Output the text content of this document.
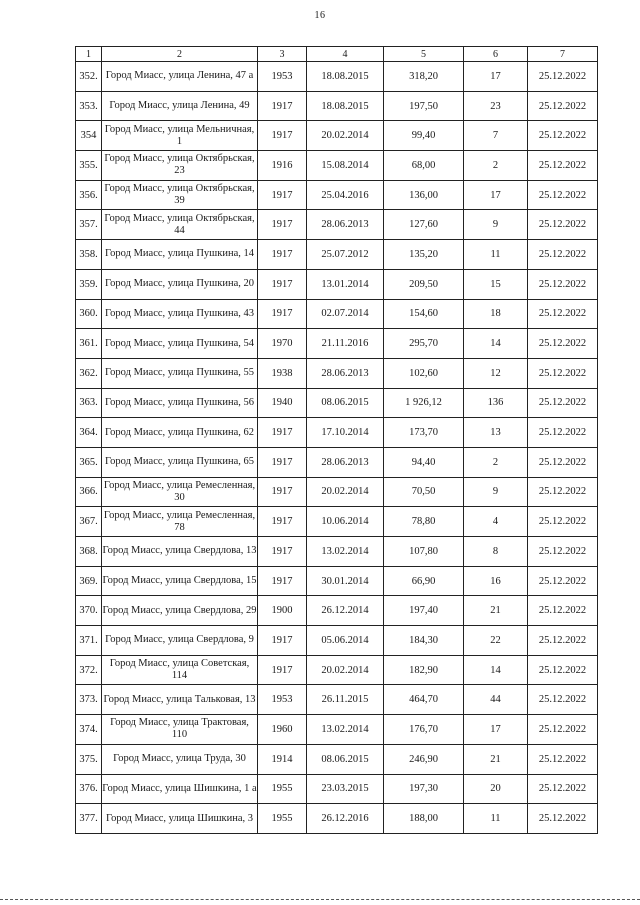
16
1	2	3	4	5	6	7
352.	Город Миасс, улица Ленина, 47 а	1953	18.08.2015	318,20	17	25.12.2022
353.	Город Миасс, улица Ленина, 49	1917	18.08.2015	197,50	23	25.12.2022
354	Город Миасс, улица Мельничная, 1	1917	20.02.2014	99,40	7	25.12.2022
355.	Город Миасс, улица Октябрьская, 23	1916	15.08.2014	68,00	2	25.12.2022
356.	Город Миасс, улица Октябрьская, 39	1917	25.04.2016	136,00	17	25.12.2022
357.	Город Миасс, улица Октябрьская, 44	1917	28.06.2013	127,60	9	25.12.2022
358.	Город Миасс, улица Пушкина, 14	1917	25.07.2012	135,20	11	25.12.2022
359.	Город Миасс, улица Пушкина, 20	1917	13.01.2014	209,50	15	25.12.2022
360.	Город Миасс, улица Пушкина, 43	1917	02.07.2014	154,60	18	25.12.2022
361.	Город Миасс, улица Пушкина, 54	1970	21.11.2016	295,70	14	25.12.2022
362.	Город Миасс, улица Пушкина, 55	1938	28.06.2013	102,60	12	25.12.2022
363.	Город Миасс, улица Пушкина, 56	1940	08.06.2015	1 926,12	136	25.12.2022
364.	Город Миасс, улица Пушкина, 62	1917	17.10.2014	173,70	13	25.12.2022
365.	Город Миасс, улица Пушкина, 65	1917	28.06.2013	94,40	2	25.12.2022
366.	Город Миасс, улица Ремесленная, 30	1917	20.02.2014	70,50	9	25.12.2022
367.	Город Миасс, улица Ремесленная, 78	1917	10.06.2014	78,80	4	25.12.2022
368.	Город Миасс, улица Свердлова, 13	1917	13.02.2014	107,80	8	25.12.2022
369.	Город Миасс, улица Свердлова, 15	1917	30.01.2014	66,90	16	25.12.2022
370.	Город Миасс, улица Свердлова, 29	1900	26.12.2014	197,40	21	25.12.2022
371.	Город Миасс, улица Свердлова, 9	1917	05.06.2014	184,30	22	25.12.2022
372.	Город Миасс, улица Советская, 114	1917	20.02.2014	182,90	14	25.12.2022
373.	Город Миасс, улица Тальковая, 13	1953	26.11.2015	464,70	44	25.12.2022
374.	Город Миасс, улица Трактовая, 110	1960	13.02.2014	176,70	17	25.12.2022
375.	Город Миасс, улица Труда, 30	1914	08.06.2015	246,90	21	25.12.2022
376.	Город Миасс, улица Шишкина, 1 а	1955	23.03.2015	197,30	20	25.12.2022
377.	Город Миасс, улица Шишкина, 3	1955	26.12.2016	188,00	11	25.12.2022
